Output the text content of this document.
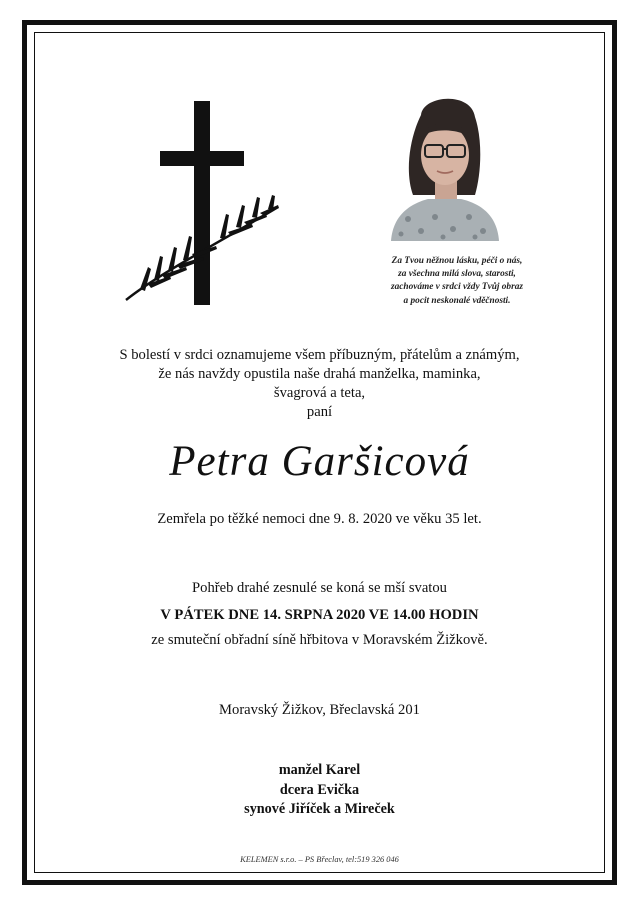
Za Tvou něžnou lásku, péči o nás,
za všechna milá slova, starosti,
zachováme v srdci vždy Tvůj obraz
a pocit neskonalé vděčnosti.
S bolestí v srdci oznamujeme všem příbuzným, přátelům a známým,
že nás navždy opustila naše drahá manželka, maminka,
švagrová a teta,
paní
Petra Garšicová
Zemřela po těžké nemoci dne 9. 8. 2020 ve věku 35 let.
Pohřeb drahé zesnulé se koná se mší svatou
V PÁTEK DNE 14. SRPNA 2020 VE 14.00 HODIN
ze smuteční obřadní síně hřbitova v Moravském Žižkově.
Moravský Žižkov, Břeclavská 201
manžel Karel
dcera Evička
synové Jiříček a Mireček
KELEMEN s.r.o. – PS Břeclav, tel:519 326 046
